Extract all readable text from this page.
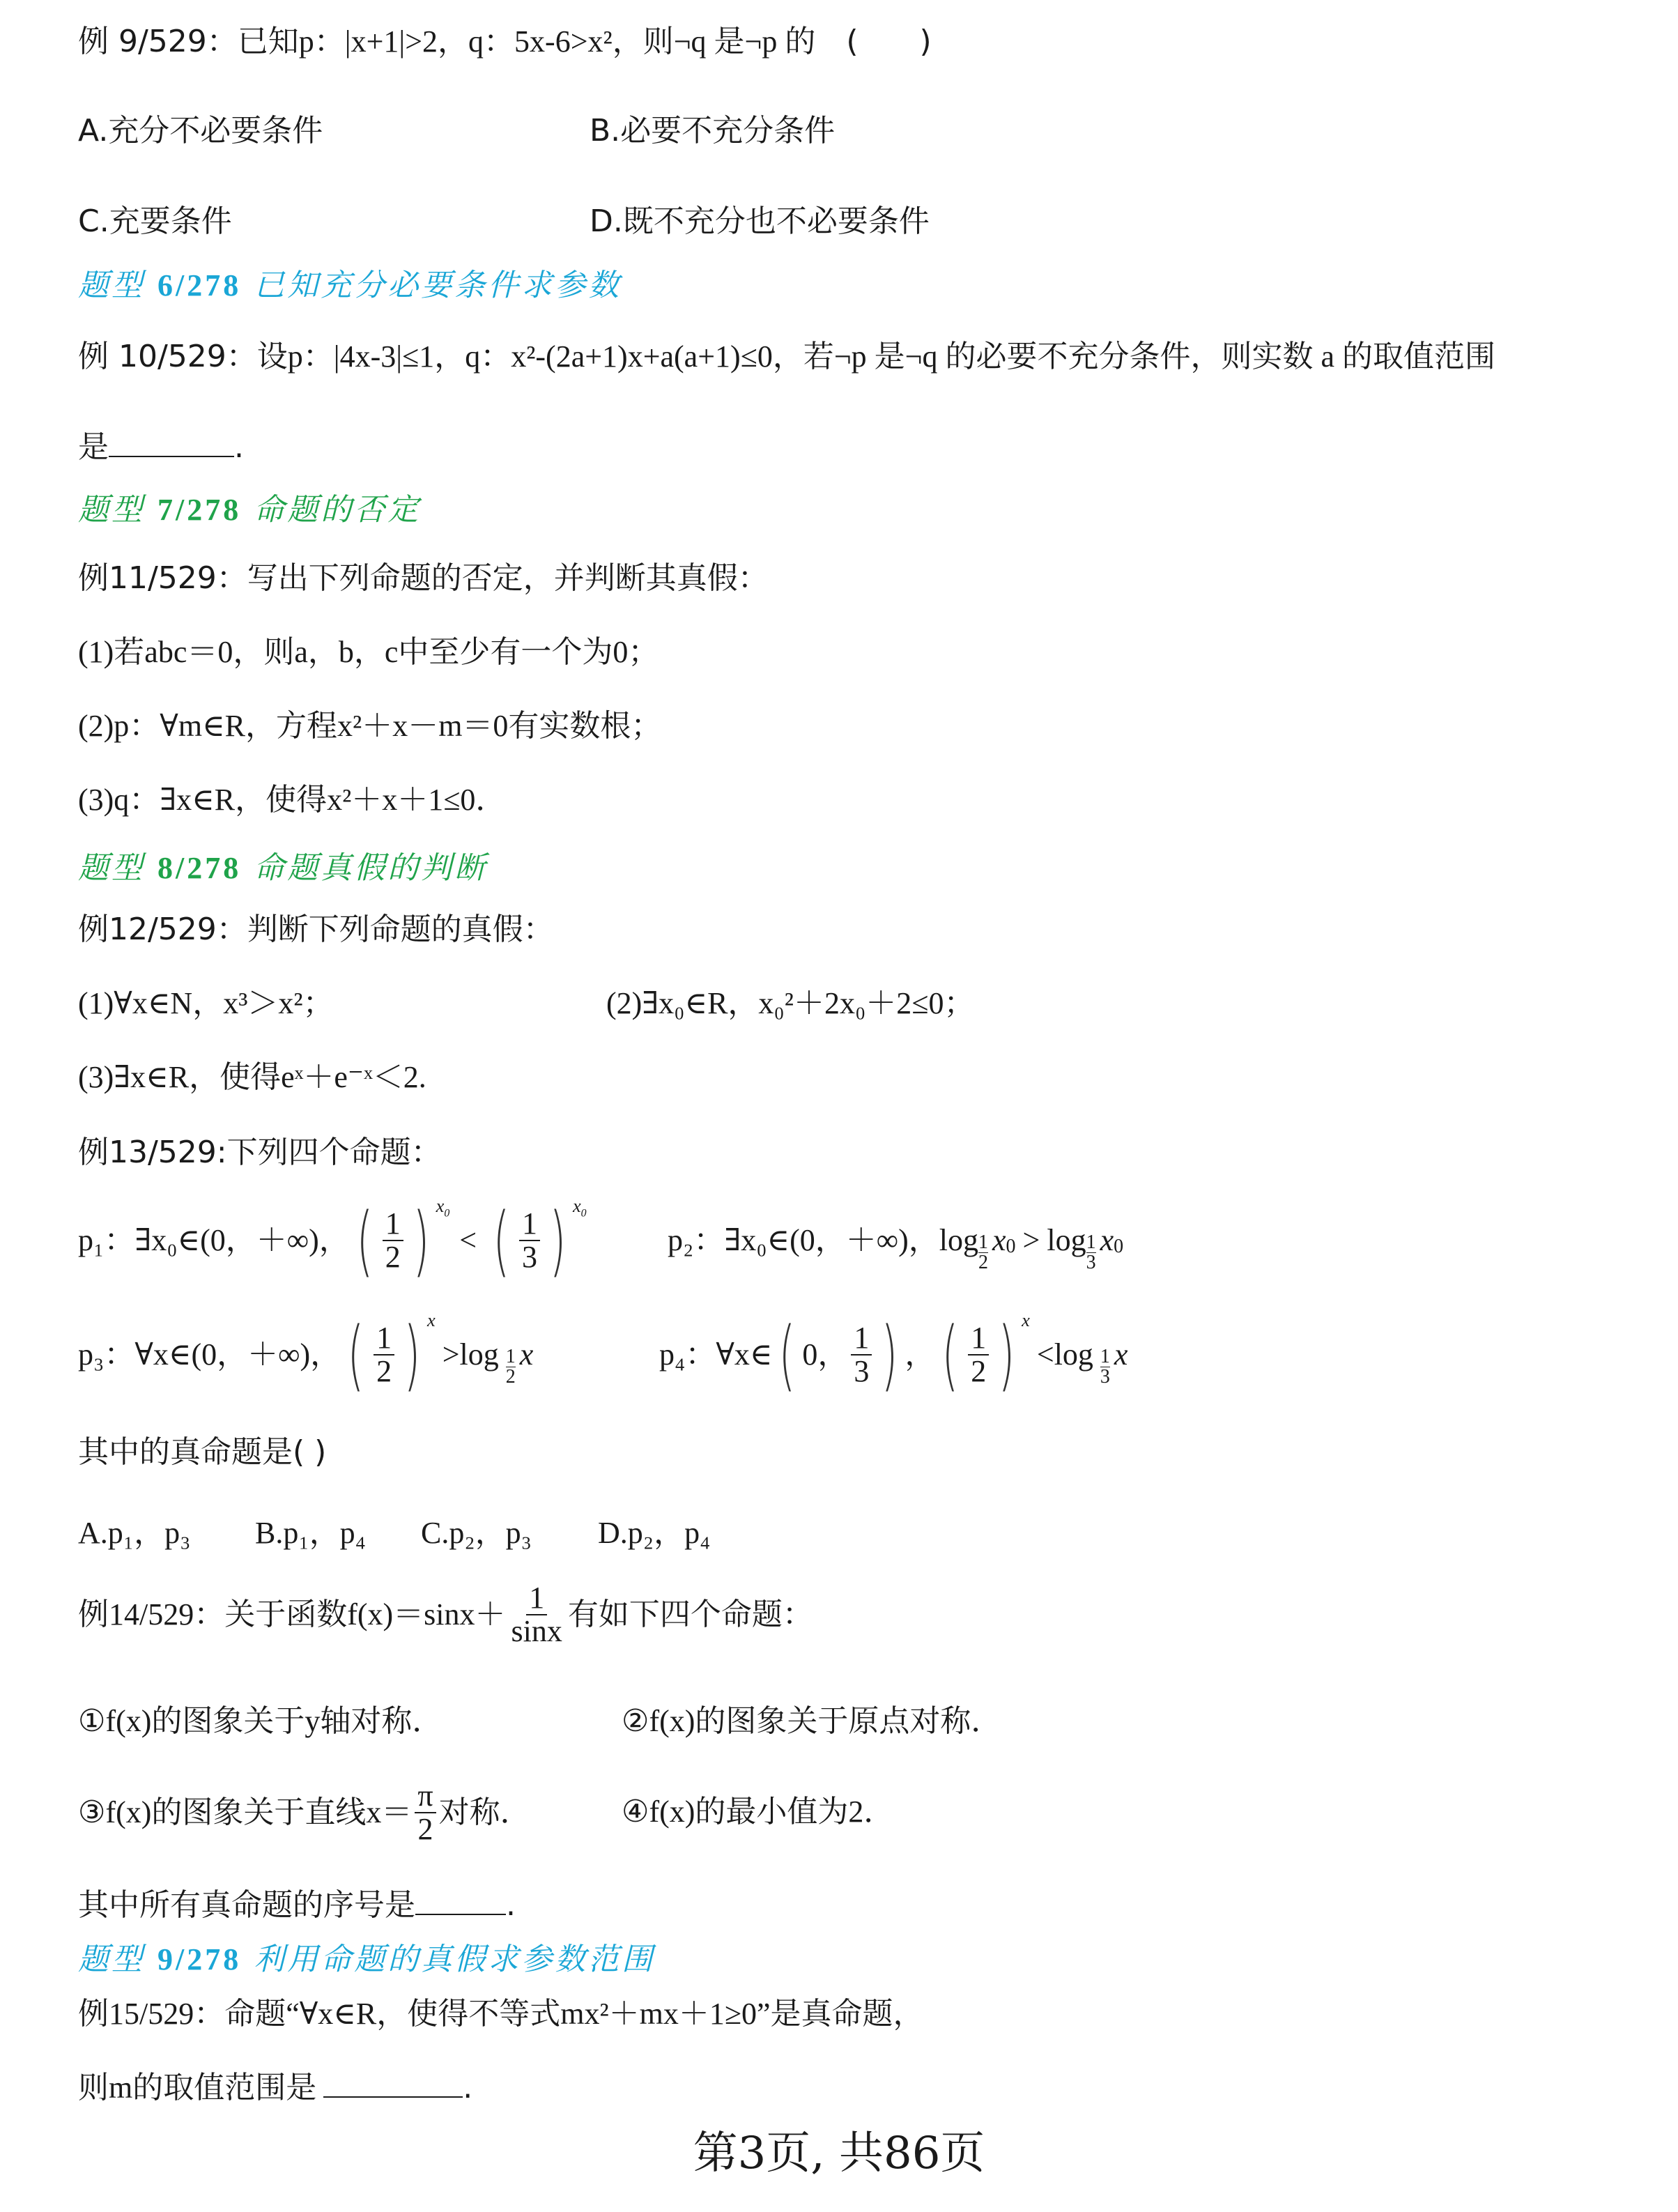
例 9/529：已知p：|x+1|>2，q：5x-6>x²，则¬q 是¬p 的 (　　)

A.充分不必要条件	B.必要不充分条件

C.充要条件	D.既不充分也不必要条件

题型 6/278 已知充分必要条件求参数

例 10/529：设p：|4x-3|≤1，q：x²-(2a+1)x+a(a+1)≤0，若¬p 是¬q 的必要不充分条件，则实数 a 的取值范围

是	.

题型 7/278 命题的否定

例11/529：写出下列命题的否定，并判断其真假：

(1)若abc＝0，则a，b，c中至少有一个为0；

(2)p：∀m∈R，方程x²＋x－m＝0有实数根；

(3)q：∃x∈R，使得x²＋x＋1≤0．

题型 8/278 命题真假的判断

例12/529：判断下列命题的真假：

(1)∀x∈N，x³＞x²；	(2)∃x₀∈R，x₀²＋2x₀＋2≤0；

(3)∃x∈R，使得eˣ＋e⁻ˣ＜2.

例13/529:下列四个命题：

p₁：∃x₀∈(0，＋∞)， ( $\frac{1}{2}$ ) $^{x_0}$
< ( $\frac{1}{3}$ ) $^{x_0}$
p₂：∃x₀∈(0，＋∞)，log 1
2
x 0 > log 1
3
x 0
p₃：∀x∈(0，＋∞)， ( $\frac{1}{2}$ ) x
>log 1
2
x	p₄：∀x∈ ( 0， $\frac{1}{3}$ ) ， ( $\frac{1}{2}$ ) x
<log 1
3
x

其中的真命题是( )

A.p₁，p₃ B.p₁，p₄ C.p₂，p₃ D.p₂，p₄

例14/529：关于函数$f(x)=\sin x+ \frac{1}{\sin x}$ 有如下四个命题：

①f(x)的图象关于y轴对称．	②f(x)的图象关于原点对称．

③f(x)的图象关于直线$x= \frac{\pi}{2}$ 对称．	④f(x)的最小值为2．

其中所有真命题的序号是	.

题型 9/278 利用命题的真假求参数范围

例15/529：命题“∀x∈R，使得不等式mx²＋mx＋1≥0”是真命题，

则m的取值范围是	.

第3页, 共86页
